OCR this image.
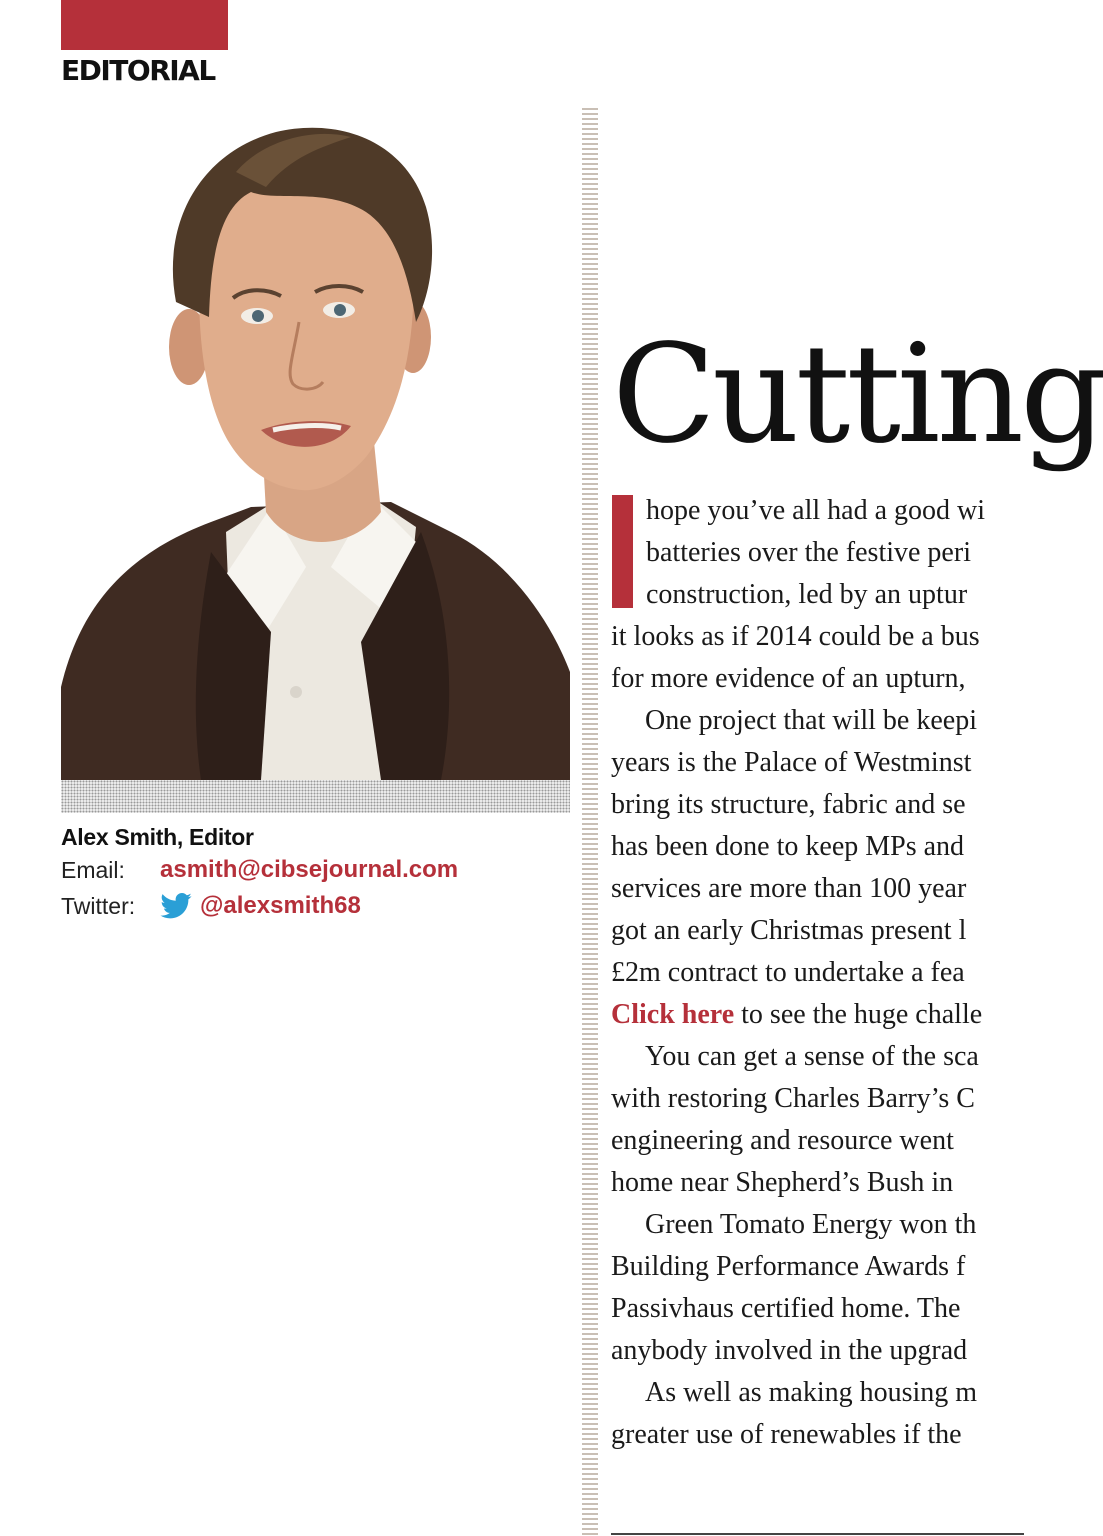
EDITORIAL
Alex Smith, Editor
Email:	asmith@cibsejournal.com
Twitter:	@alexsmith68
Cutting
hope you’ve all had a good wi
batteries over the festive peri
construction, led by an uptur
it looks as if 2014 could be a bus
for more evidence of an upturn,
One project that will be keepi
years is the Palace of Westminst
bring its structure, fabric and se
has been done to keep MPs and
services are more than 100 year
got an early Christmas present l
£2m contract to undertake a fea
Click here to see the huge challe
You can get a sense of the sca
with restoring Charles Barry’s C
engineering and resource went
home near Shepherd’s Bush in
Green Tomato Energy won th
Building Performance Awards f
Passivhaus certified home. The
anybody involved in the upgrad
As well as making housing m
greater use of renewables if the
